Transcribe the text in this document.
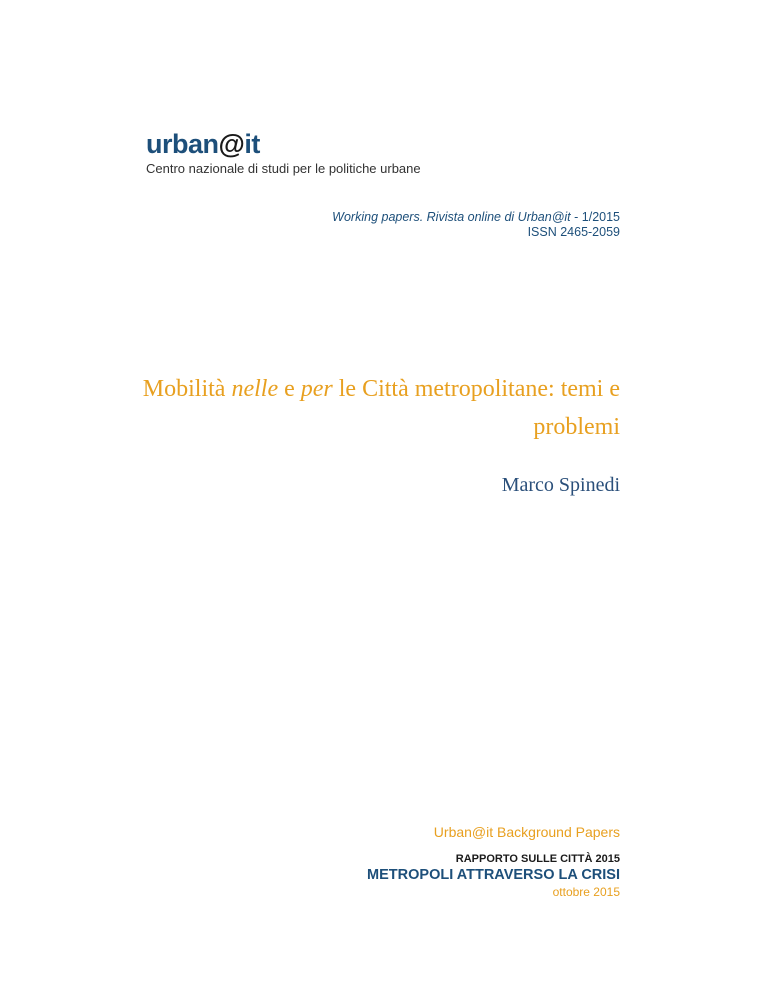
urban@it
Centro nazionale di studi per le politiche urbane
Working papers. Rivista online di Urban@it - 1/2015
ISSN 2465-2059
Mobilità nelle e per le Città metropolitane: temi e problemi
Marco Spinedi
Urban@it Background Papers
RAPPORTO SULLE CITTÀ 2015
METROPOLI ATTRAVERSO LA CRISI
ottobre 2015
